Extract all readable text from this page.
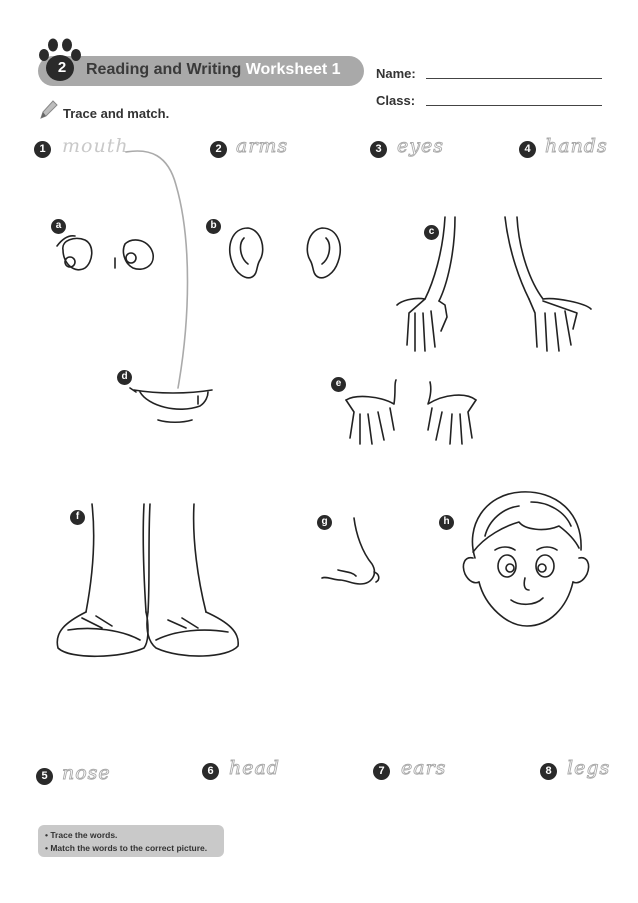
2	Reading and Writing Worksheet 1	Name:
Class:
Trace and match.
1 mouth	2 arms	3 eyes	4 hands
a	b
c
d
e
f	g	h
5 nose	6 head	7 ears	8 legs
• Trace the words.
• Match the words to the correct picture.
